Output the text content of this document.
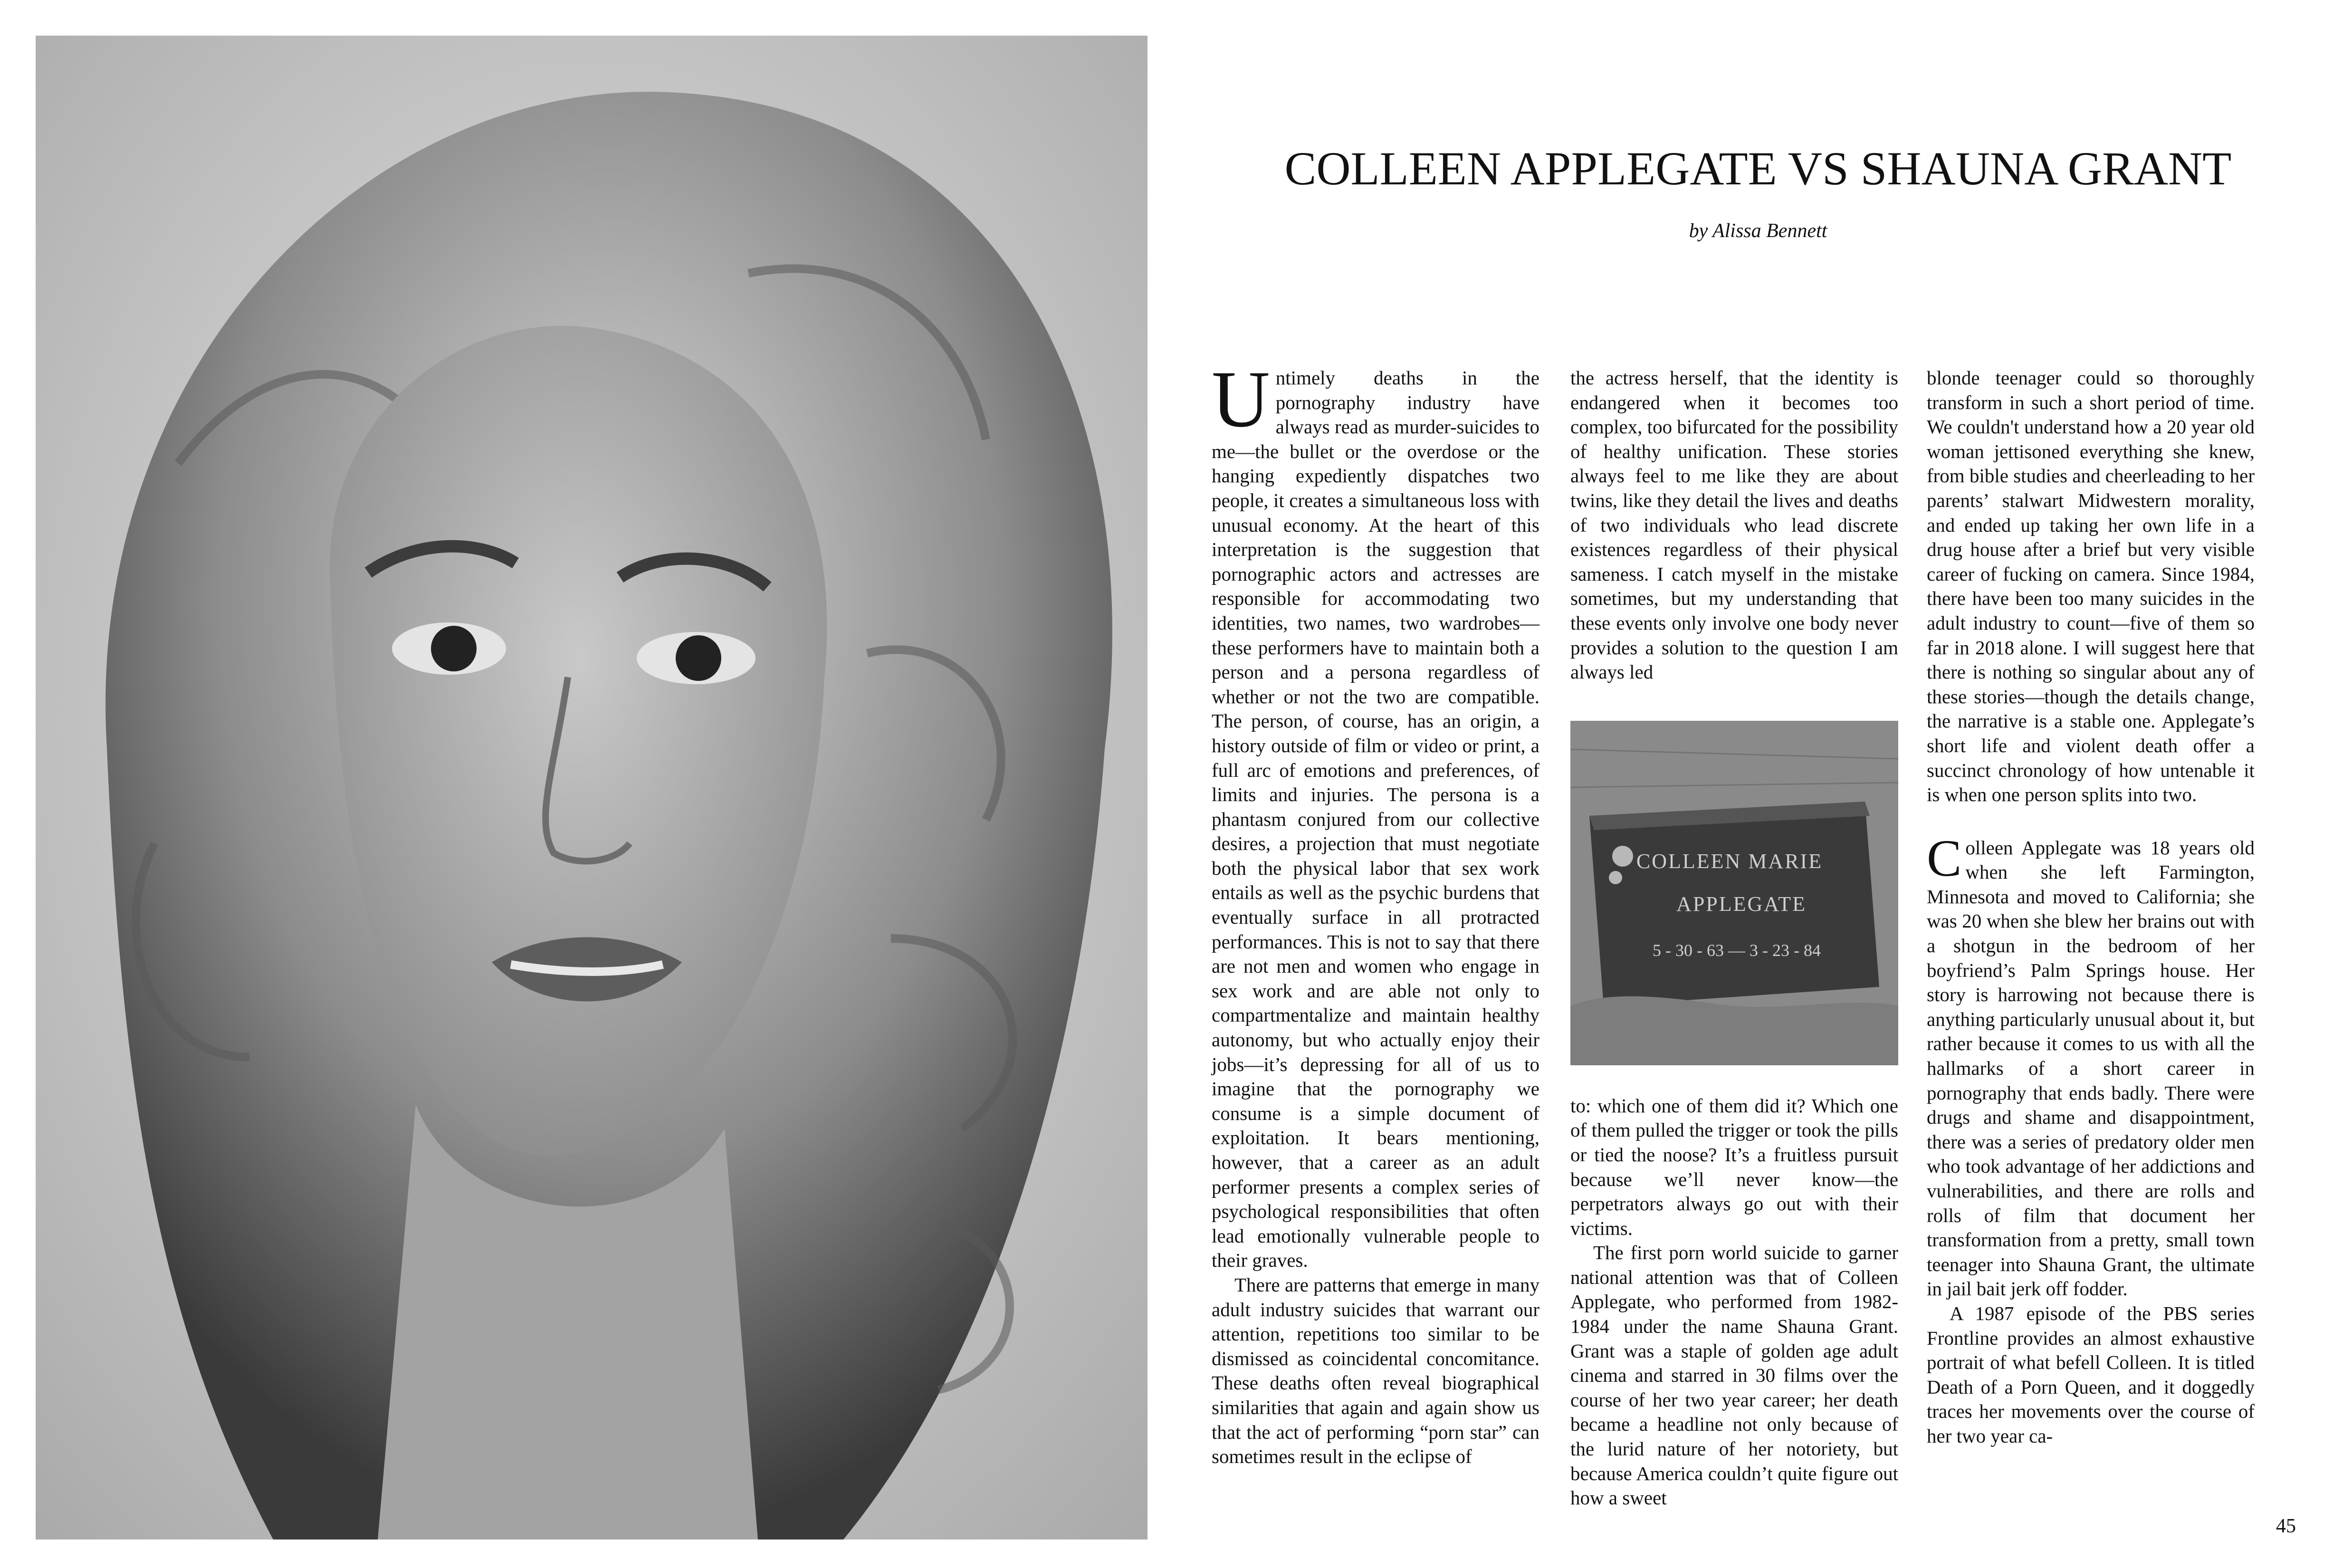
COLLEEN APPLEGATE VS SHAUNA GRANT
by Alissa Bennett

Untimely deaths in the pornography industry have always read as murder-suicides to me—the bullet or the overdose or the hanging expediently dispatches two people, it creates a simultaneous loss with unusual economy. At the heart of this interpretation is the suggestion that pornographic actors and actresses are responsible for accommodating two identities, two names, two wardrobes—these performers have to maintain both a person and a persona regardless of whether or not the two are compatible. The person, of course, has an origin, a history outside of film or video or print, a full arc of emotions and preferences, of limits and injuries. The persona is a phantasm conjured from our collective desires, a projection that must negotiate both the physical labor that sex work entails as well as the psychic burdens that eventually surface in all protracted performances. This is not to say that there are not men and women who engage in sex work and are able not only to compartmentalize and maintain healthy autonomy, but who actually enjoy their jobs—it’s depressing for all of us to imagine that the pornography we consume is a simple document of exploitation. It bears mentioning, however, that a career as an adult performer presents a complex series of psychological responsibilities that often lead emotionally vulnerable people to their graves.

There are patterns that emerge in many adult industry suicides that warrant our attention, repetitions too similar to be dismissed as coincidental concomitance. These deaths often reveal biographical similarities that again and again show us that the act of performing “porn star” can sometimes result in the eclipse of

the actress herself, that the identity is endangered when it becomes too complex, too bifurcated for the possibility of healthy unification. These stories always feel to me like they are about twins, like they detail the lives and deaths of two individuals who lead discrete existences regardless of their physical sameness. I catch myself in the mistake sometimes, but my understanding that these events only involve one body never provides a solution to the question I am always led

COLLEEN MARIE
APPLEGATE
5 - 30 - 63 — 3 - 23 - 84

to: which one of them did it? Which one of them pulled the trigger or took the pills or tied the noose? It’s a fruitless pursuit because we’ll never know—the perpetrators always go out with their victims.

The first porn world suicide to garner national attention was that of Colleen Applegate, who performed from 1982-1984 under the name Shauna Grant. Grant was a staple of golden age adult cinema and starred in 30 films over the course of her two year career; her death became a headline not only because of the lurid nature of her notoriety, but because America couldn’t quite figure out how a sweet

blonde teenager could so thoroughly transform in such a short period of time. We couldn't understand how a 20 year old woman jettisoned everything she knew, from bible studies and cheerleading to her parents’ stalwart Midwestern morality, and ended up taking her own life in a drug house after a brief but very visible career of fucking on camera. Since 1984, there have been too many suicides in the adult industry to count—five of them so far in 2018 alone. I will suggest here that there is nothing so singular about any of these stories—though the details change, the narrative is a stable one. Applegate’s short life and violent death offer a succinct chronology of how untenable it is when one person splits into two.

Colleen Applegate was 18 years old when she left Farmington, Minnesota and moved to California; she was 20 when she blew her brains out with a shotgun in the bedroom of her boyfriend’s Palm Springs house. Her story is harrowing not because there is anything particularly unusual about it, but rather because it comes to us with all the hallmarks of a short career in pornography that ends badly. There were drugs and shame and disappointment, there was a series of predatory older men who took advantage of her addictions and vulnerabilities, and there are rolls and rolls of film that document her transformation from a pretty, small town teenager into Shauna Grant, the ultimate in jail bait jerk off fodder.

A 1987 episode of the PBS series Frontline provides an almost exhaustive portrait of what befell Colleen. It is titled Death of a Porn Queen, and it doggedly traces her movements over the course of her two year ca-

45
